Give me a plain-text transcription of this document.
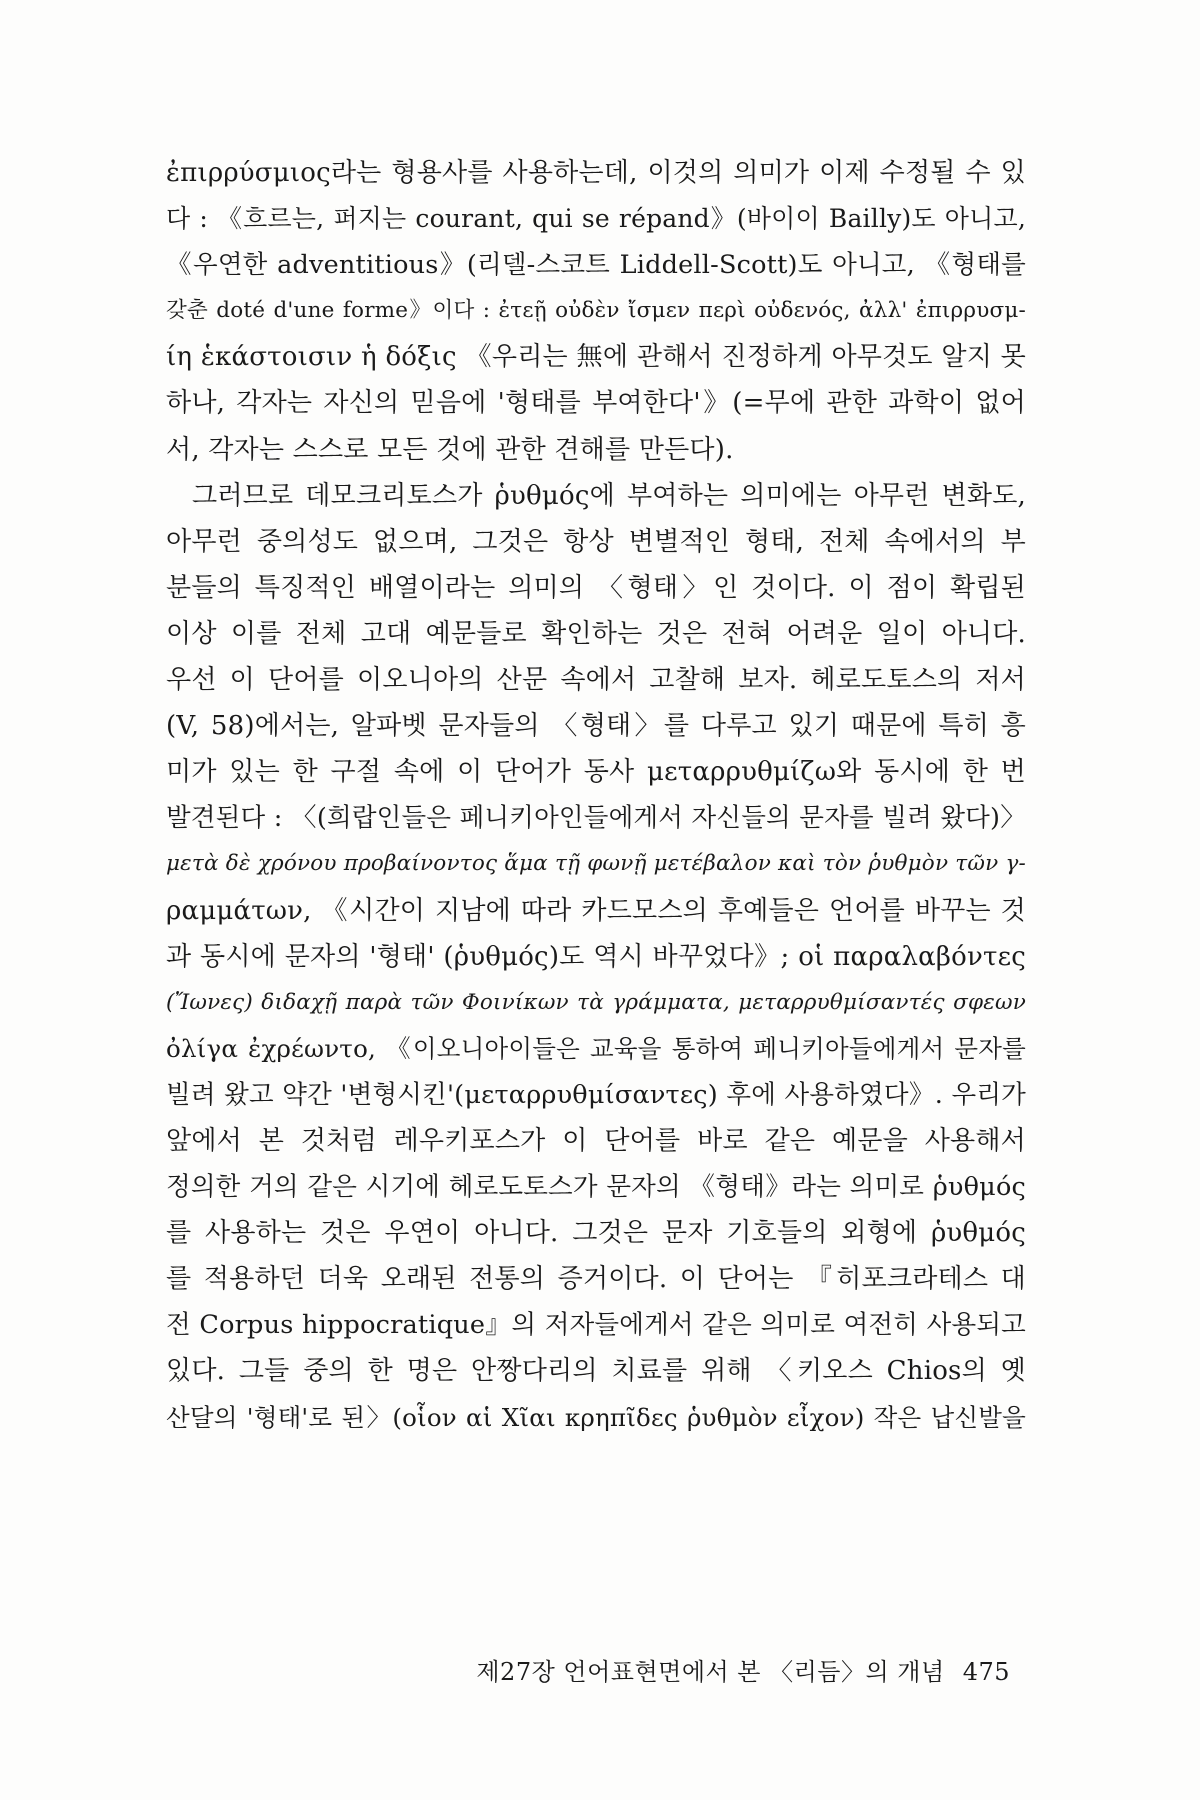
ἐπιρρύσμιος라는 형용사를 사용하는데, 이것의 의미가 이제 수정될 수 있
다 : 《흐르는, 퍼지는 courant, qui se répand》(바이이 Bailly)도 아니고,
《우연한 adventitious》(리델-스코트 Liddell-Scott)도 아니고, 《형태를
갖춘 doté d'une forme》이다 : ἐτεῇ οὐδὲν ἴσμεν περὶ οὐδενός, ἀλλ' ἐπιρρυσμ-
ίη ἑκάστοισιν ἡ δόξις 《우리는 無에 관해서 진정하게 아무것도 알지 못
하나, 각자는 자신의 믿음에 '형태를 부여한다'》(=무에 관한 과학이 없어
서, 각자는 스스로 모든 것에 관한 견해를 만든다).
그러므로 데모크리토스가 ῥυθμός에 부여하는 의미에는 아무런 변화도,
아무런 중의성도 없으며, 그것은 항상 변별적인 형태, 전체 속에서의 부
분들의 특징적인 배열이라는 의미의 〈형태〉인 것이다. 이 점이 확립된
이상 이를 전체 고대 예문들로 확인하는 것은 전혀 어려운 일이 아니다.
우선 이 단어를 이오니아의 산문 속에서 고찰해 보자. 헤로도토스의 저서
(V, 58)에서는, 알파벳 문자들의 〈형태〉를 다루고 있기 때문에 특히 흥
미가 있는 한 구절 속에 이 단어가 동사 μεταρρυθμίζω와 동시에 한 번
발견된다 : 〈(희랍인들은 페니키아인들에게서 자신들의 문자를 빌려 왔다)〉
μετὰ δὲ χρόνου προβαίνοντος ἅμα τῇ φωνῇ μετέβαλον καὶ τὸν ῥυθμὸν τῶν γ-
ραμμάτων, 《시간이 지남에 따라 카드모스의 후예들은 언어를 바꾸는 것
과 동시에 문자의 '형태' (ῥυθμός)도 역시 바꾸었다》; οἱ παραλαβόντες
(Ἴωνες) διδαχῇ παρὰ τῶν Φοινίκων τὰ γράμματα, μεταρρυθμίσαντές σφεων
ὀλίγα ἐχρέωντο, 《이오니아이들은 교육을 통하여 페니키아들에게서 문자를
빌려 왔고 약간 '변형시킨'(μεταρρυθμίσαντες) 후에 사용하였다》. 우리가
앞에서 본 것처럼 레우키포스가 이 단어를 바로 같은 예문을 사용해서
정의한 거의 같은 시기에 헤로도토스가 문자의 《형태》라는 의미로 ῥυθμός
를 사용하는 것은 우연이 아니다. 그것은 문자 기호들의 외형에 ῥυθμός
를 적용하던 더욱 오래된 전통의 증거이다. 이 단어는 『히포크라테스 대
전 Corpus hippocratique』의 저자들에게서 같은 의미로 여전히 사용되고
있다. 그들 중의 한 명은 안짱다리의 치료를 위해 〈키오스 Chios의 옛
산달의 '형태'로 된〉(οἷον αἱ Χῖαι κρηπῖδες ῥυθμὸν εἶχον) 작은 납신발을
제27장 언어표현면에서 본 〈리듬〉의 개념 475
